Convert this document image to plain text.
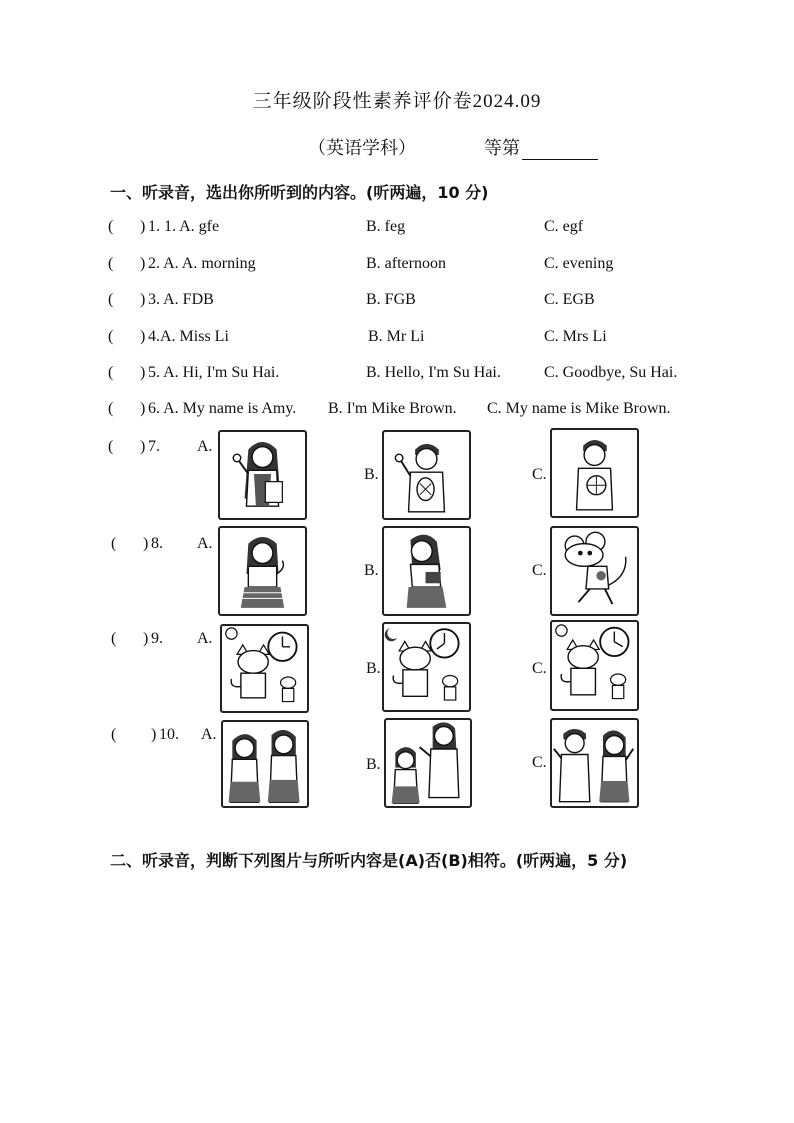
三年级阶段性素养评价卷2024.09
（英语学科）	等第
一、听录音，选出你所听到的内容。(听两遍，10 分)
( ) 1. 1. A. gfe	B. feg	C. egf
( ) 2. A. A. morning	B. afternoon	C. evening
( ) 3. A. FDB	B. FGB	C. EGB
( ) 4.A. Miss Li	B. Mr Li	C. Mrs Li
( ) 5. A. Hi, I'm Su Hai.	B. Hello, I'm Su Hai.	C. Goodbye, Su Hai.
( ) 6. A. My name is Amy. B. I'm Mike Brown. C. My name is Mike Brown.
( ) 7. A.
B.	C.
( ) 8. A.
B.	C.
( ) 9. A.
B.	C.
( ) 10. A.
B.	C.
二、听录音，判断下列图片与所听内容是(A)否(B)相符。(听两遍，5 分)
